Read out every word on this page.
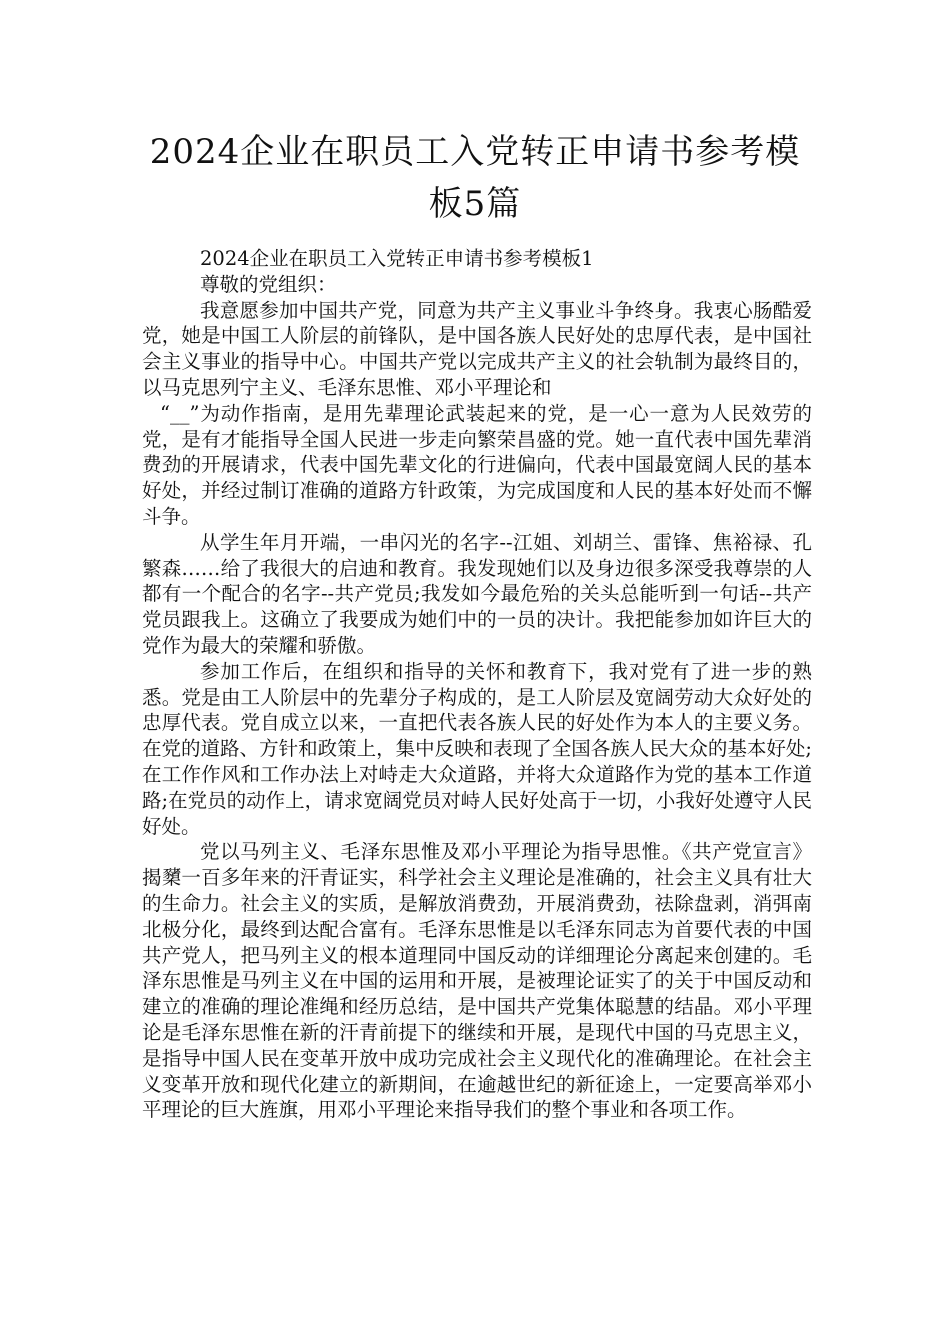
2024企业在职员工入党转正申请书参考模
板5篇

2024企业在职员工入党转正申请书参考模板1

尊敬的党组织：

我意愿参加中国共产党，同意为共产主义事业斗争终身。我衷心肠酷爱党，她是中国工人阶层的前锋队，是中国各族人民好处的忠厚代表，是中国社会主义事业的指导中心。中国共产党以完成共产主义的社会轨制为最终目的，以马克思列宁主义、毛泽东思惟、邓小平理论和

“__”为动作指南，是用先辈理论武装起来的党，是一心一意为人民效劳的党，是有才能指导全国人民进一步走向繁荣昌盛的党。她一直代表中国先辈消费劲的开展请求，代表中国先辈文化的行进偏向，代表中国最宽阔人民的基本好处，并经过制订准确的道路方针政策，为完成国度和人民的基本好处而不懈斗争。

从学生年月开端，一串闪光的名字--江姐、刘胡兰、雷锋、焦裕禄、孔繁森……给了我很大的启迪和教育。我发现她们以及身边很多深受我尊崇的人都有一个配合的名字--共产党员;我发如今最危殆的关头总能听到一句话--共产党员跟我上。这确立了我要成为她们中的一员的决计。我把能参加如许巨大的党作为最大的荣耀和骄傲。

参加工作后，在组织和指导的关怀和教育下，我对党有了进一步的熟悉。党是由工人阶层中的先辈分子构成的，是工人阶层及宽阔劳动大众好处的忠厚代表。党自成立以来，一直把代表各族人民的好处作为本人的主要义务。在党的道路、方针和政策上，集中反映和表现了全国各族人民大众的基本好处;在工作作风和工作办法上对峙走大众道路，并将大众道路作为党的基本工作道路;在党员的动作上，请求宽阔党员对峙人民好处高于一切，小我好处遵守人民好处。

党以马列主义、毛泽东思惟及邓小平理论为指导思惟。《共产党宣言》揭櫫一百多年来的汗青证实，科学社会主义理论是准确的，社会主义具有壮大的生命力。社会主义的实质，是解放消费劲，开展消费劲，祛除盘剥，消弭南北极分化，最终到达配合富有。毛泽东思惟是以毛泽东同志为首要代表的中国共产党人，把马列主义的根本道理同中国反动的详细理论分离起来创建的。毛泽东思惟是马列主义在中国的运用和开展，是被理论证实了的关于中国反动和建立的准确的理论准绳和经历总结，是中国共产党集体聪慧的结晶。邓小平理论是毛泽东思惟在新的汗青前提下的继续和开展，是现代中国的马克思主义，是指导中国人民在变革开放中成功完成社会主义现代化的准确理论。在社会主义变革开放和现代化建立的新期间，在逾越世纪的新征途上，一定要高举邓小平理论的巨大旌旗，用邓小平理论来指导我们的整个事业和各项工作。
